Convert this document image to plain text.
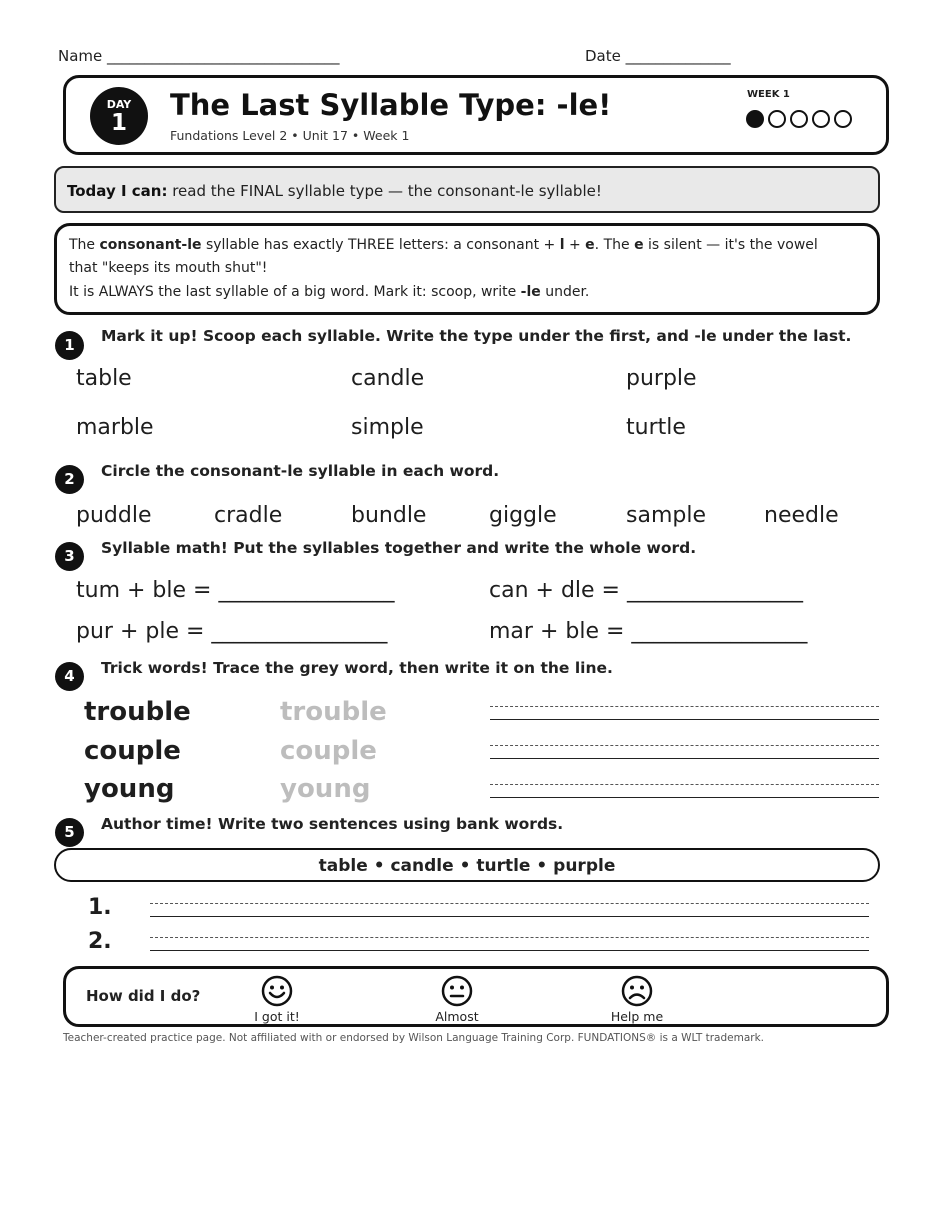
Name _______________________________	Date ______________
DAY
1
The Last Syllable Type: -le!
Fundations Level 2 • Unit 17 • Week 1
WEEK 1
Today I can: read the FINAL syllable type — the consonant-le syllable!
The consonant-le syllable has exactly THREE letters: a consonant + l + e. The e is silent — it's the vowel
that "keeps its mouth shut"!
It is ALWAYS the last syllable of a big word. Mark it: scoop, write -le under.
1	Mark it up! Scoop each syllable. Write the type under the first, and -le under the last.
table	candle	purple
marble	simple	turtle
2	Circle the consonant-le syllable in each word.
puddle	cradle	bundle	giggle	sample	needle
3	Syllable math! Put the syllables together and write the whole word.
tum + ble = ________________	can + dle = ________________
pur + ple = ________________	mar + ble = ________________
4	Trick words! Trace the grey word, then write it on the line.
trouble	trouble
couple	couple
young	young
5	Author time! Write two sentences using bank words.
table • candle • turtle • purple
1.
2.
How did I do?
I got it!	Almost	Help me
Teacher-created practice page. Not affiliated with or endorsed by Wilson Language Training Corp. FUNDATIONS® is a WLT trademark.
